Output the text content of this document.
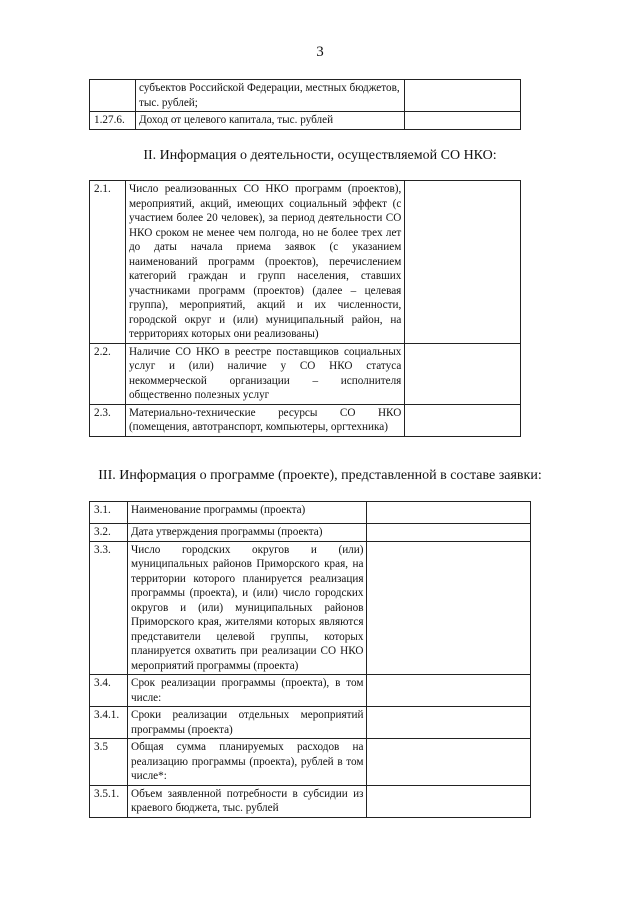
3
	субъектов Российской Федерации, местных бюджетов, тыс. рублей;	
1.27.6.	Доход от целевого капитала, тыс. рублей	
II. Информация о деятельности, осуществляемой СО НКО:
2.1.	Число реализованных СО НКО программ (проектов), мероприятий, акций, имеющих социальный эффект (с участием более 20 человек), за период деятельности СО НКО сроком не менее чем полгода, но не более трех лет до даты начала приема заявок (с указанием наименований программ (проектов), перечислением категорий граждан и групп населения, ставших участниками программ (проектов) (далее – целевая группа), мероприятий, акций и их численности, городской округ и (или) муниципальный район, на территориях которых они реализованы)	
2.2.	Наличие СО НКО в реестре поставщиков социальных услуг и (или) наличие у СО НКО статуса некоммерческой организации – исполнителя общественно полезных услуг	
2.3.	Материально-технические ресурсы СО НКО (помещения, автотранспорт, компьютеры, оргтехника)	
III. Информация о программе (проекте), представленной в составе заявки:
3.1.	Наименование программы (проекта)	
3.2.	Дата утверждения программы (проекта)	
3.3.	Число городских округов и (или) муниципальных районов Приморского края, на территории которого планируется реализация программы (проекта), и (или) число городских округов и (или) муниципальных районов Приморского края, жителями которых являются представители целевой группы, которых планируется охватить при реализации СО НКО мероприятий программы (проекта)	
3.4.	Срок реализации программы (проекта), в том числе:	
3.4.1.	Сроки реализации отдельных мероприятий программы (проекта)	
3.5	Общая сумма планируемых расходов на реализацию программы (проекта), рублей в том числе*:	
3.5.1.	Объем заявленной потребности в субсидии из краевого бюджета, тыс. рублей	
